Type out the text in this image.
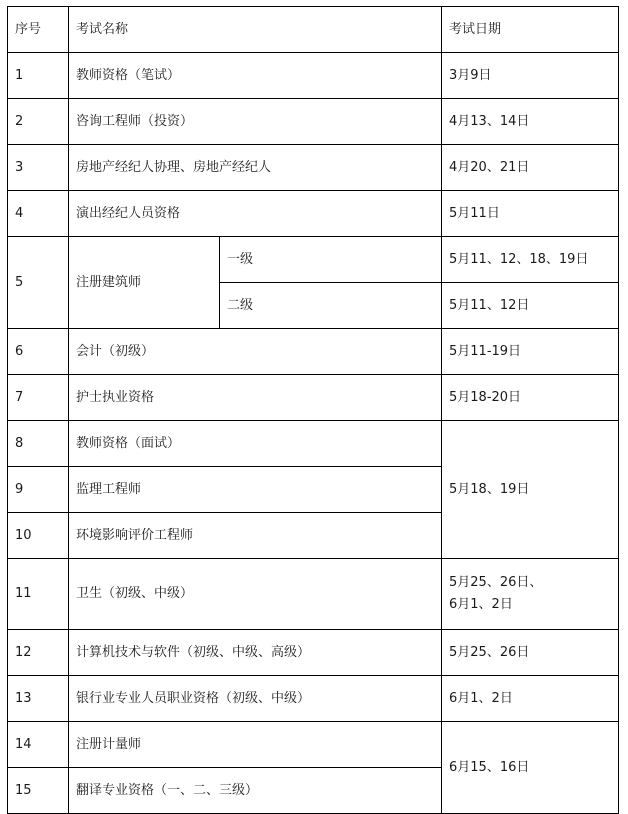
序号	考试名称		考试日期
1	教师资格（笔试）		3月9日
2	咨询工程师（投资）		4月13、14日
3	房地产经纪人协理、房地产经纪人		4月20、21日
4	演出经纪人员资格		5月11日
5	注册建筑师	一级	5月11、12、18、19日
		二级	5月11、12日
6	会计（初级）		5月11-19日
7	护士执业资格		5月18-20日
8	教师资格（面试）		5月18、19日
9	监理工程师		
10	环境影响评价工程师		
11	卫生（初级、中级）		5月25、26日、
6月1、2日

12	计算机技术与软件（初级、中级、高级）		5月25、26日
13	银行业专业人员职业资格（初级、中级）		6月1、2日
14	注册计量师		6月15、16日
15	翻译专业资格（一、二、三级）		
